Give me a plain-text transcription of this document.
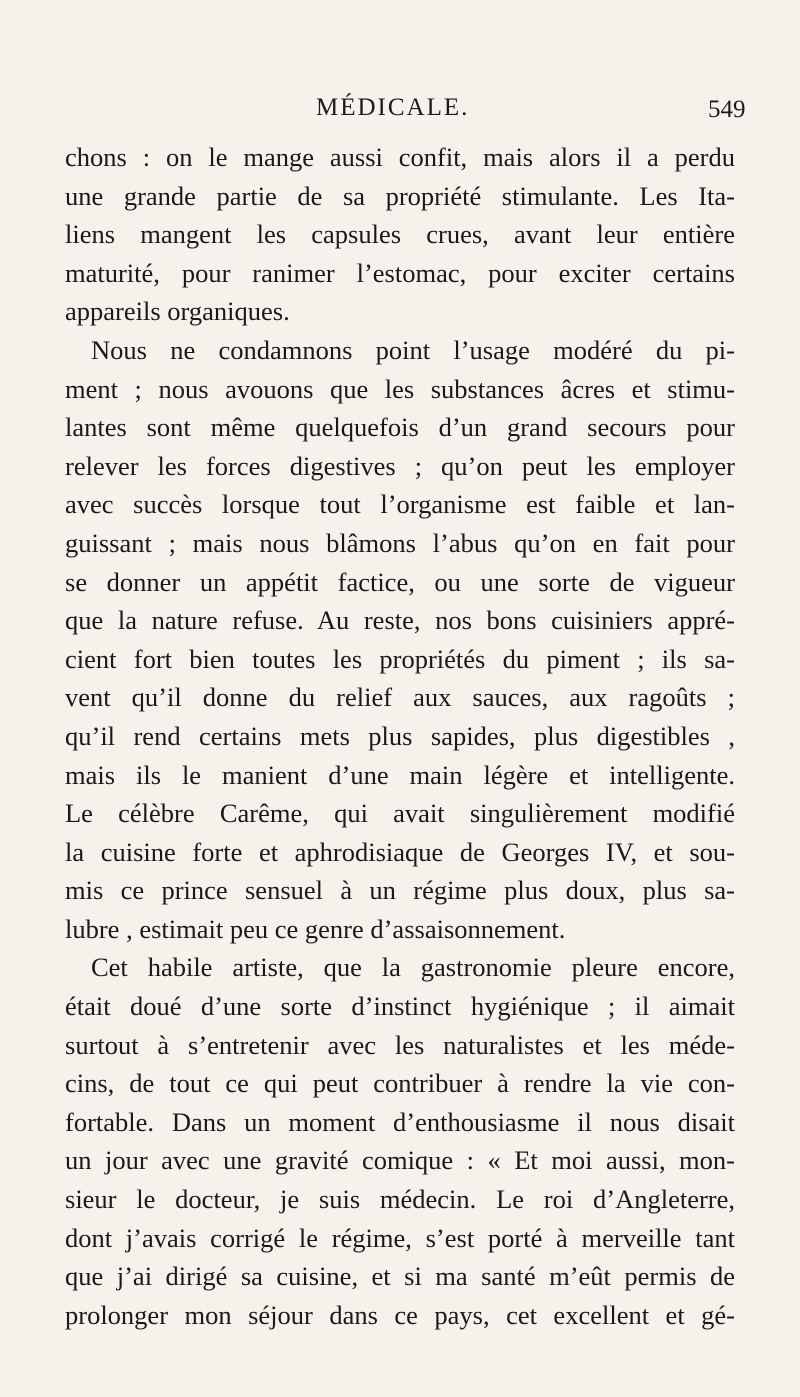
MÉDICALE.	549
chons : on le mange aussi confit, mais alors il a perdu
une grande partie de sa propriété stimulante. Les Ita-
liens mangent les capsules crues, avant leur entière
maturité, pour ranimer l’estomac, pour exciter certains
appareils organiques.
Nous ne condamnons point l’usage modéré du pi-
ment ; nous avouons que les substances âcres et stimu-
lantes sont même quelquefois d’un grand secours pour
relever les forces digestives ; qu’on peut les employer
avec succès lorsque tout l’organisme est faible et lan-
guissant ; mais nous blâmons l’abus qu’on en fait pour
se donner un appétit factice, ou une sorte de vigueur
que la nature refuse. Au reste, nos bons cuisiniers appré-
cient fort bien toutes les propriétés du piment ; ils sa-
vent qu’il donne du relief aux sauces, aux ragoûts ;
qu’il rend certains mets plus sapides, plus digestibles ,
mais ils le manient d’une main légère et intelligente.
Le célèbre Carême, qui avait singulièrement modifié
la cuisine forte et aphrodisiaque de Georges IV, et sou-
mis ce prince sensuel à un régime plus doux, plus sa-
lubre , estimait peu ce genre d’assaisonnement.
Cet habile artiste, que la gastronomie pleure encore,
était doué d’une sorte d’instinct hygiénique ; il aimait
surtout à s’entretenir avec les naturalistes et les méde-
cins, de tout ce qui peut contribuer à rendre la vie con-
fortable. Dans un moment d’enthousiasme il nous disait
un jour avec une gravité comique : « Et moi aussi, mon-
sieur le docteur, je suis médecin. Le roi d’Angleterre,
dont j’avais corrigé le régime, s’est porté à merveille tant
que j’ai dirigé sa cuisine, et si ma santé m’eût permis de
prolonger mon séjour dans ce pays, cet excellent et gé-
